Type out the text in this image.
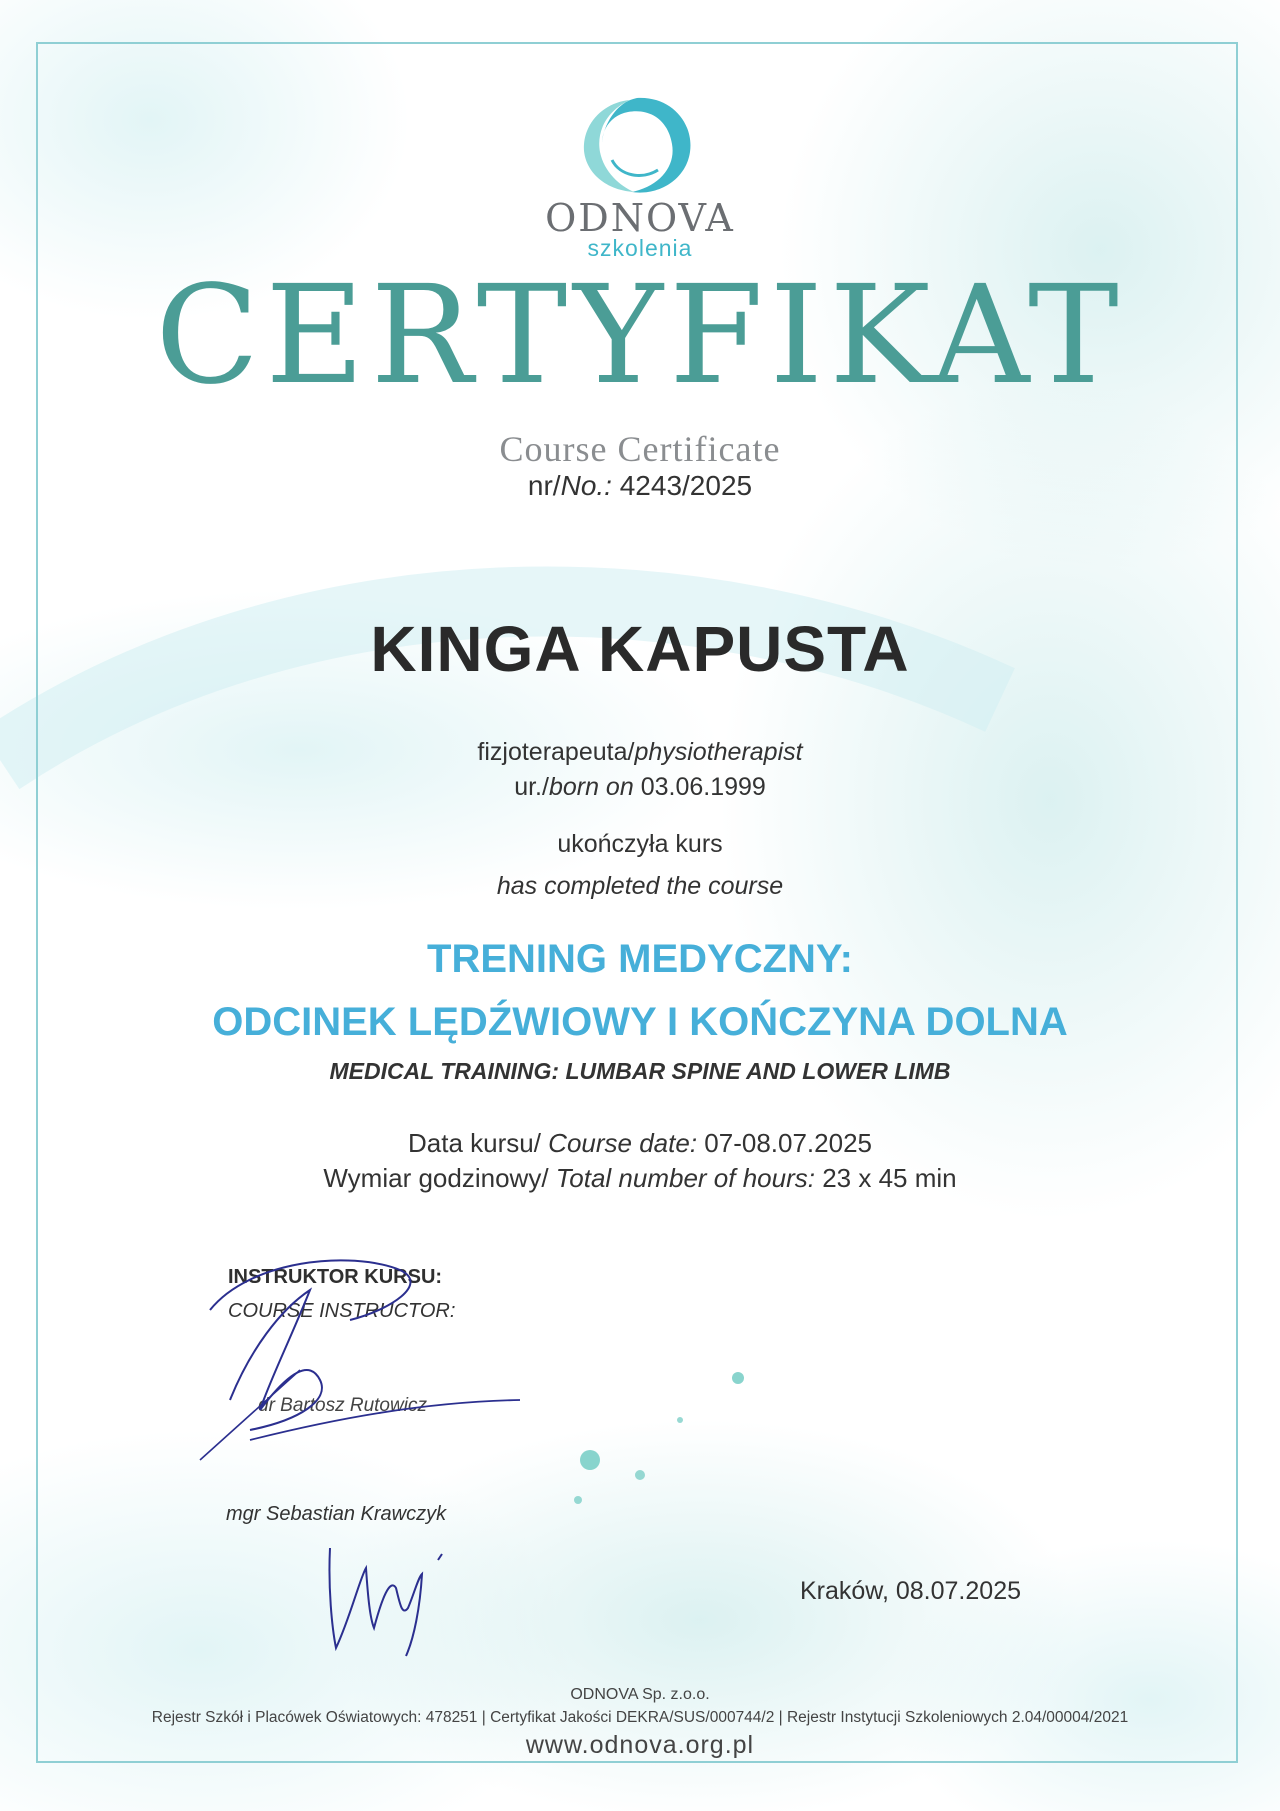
ODNOVA
szkolenia
CERTYFIKAT
Course Certificate
nr/No.: 4243/2025
KINGA KAPUSTA
fizjoterapeuta/physiotherapist
ur./born on 03.06.1999
ukończyła kurs
has completed the course
TRENING MEDYCZNY:
ODCINEK LĘDŹWIOWY I KOŃCZYNA DOLNA
MEDICAL TRAINING: LUMBAR SPINE AND LOWER LIMB
Data kursu/ Course date: 07-08.07.2025
Wymiar godzinowy/ Total number of hours: 23 x 45 min
INSTRUKTOR KURSU:
COURSE INSTRUCTOR:
dr Bartosz Rutowicz
mgr Sebastian Krawczyk
Kraków, 08.07.2025
ODNOVA Sp. z.o.o.
Rejestr Szkół i Placówek Oświatowych: 478251 | Certyfikat Jakości DEKRA/SUS/000744/2 | Rejestr Instytucji Szkoleniowych 2.04/00004/2021
www.odnova.org.pl
